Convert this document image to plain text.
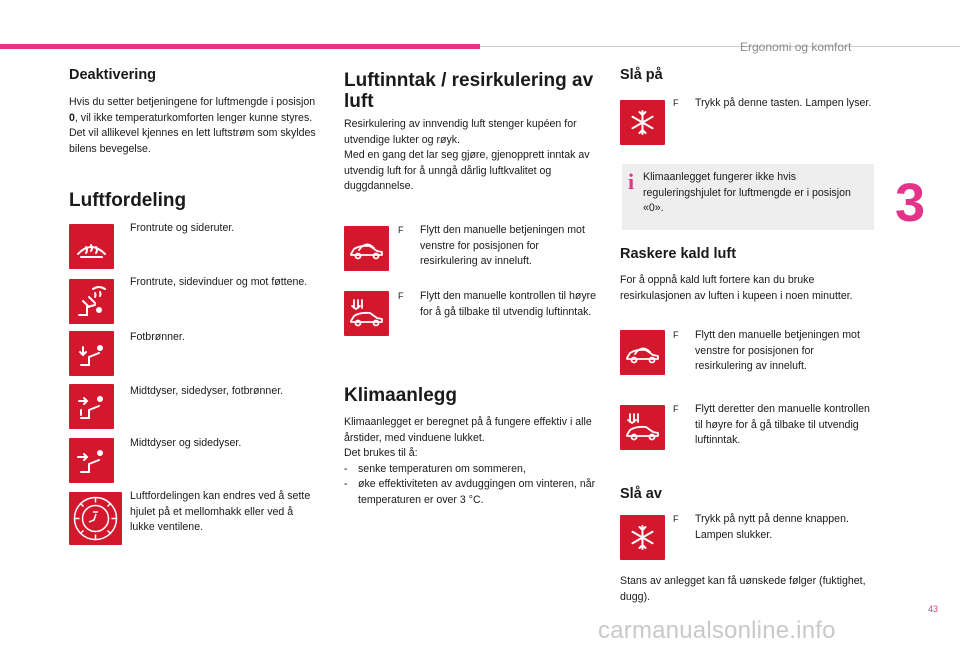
Ergonomi og komfort
3
Deaktivering

Hvis du setter betjeningene for luftmengde i posisjon 0, vil ikke temperaturkomforten lenger kunne styres.
Det vil allikevel kjennes en lett luftstrøm som skyldes bilens bevegelse.

Luftfordeling
Frontrute og sideruter.
Frontrute, sidevinduer og mot føttene.
Fotbrønner.
Midtdyser, sidedyser, fotbrønner.
Midtdyser og sidedyser.
Luftfordelingen kan endres ved å sette hjulet på et mellomhakk eller ved å lukke ventilene.
Luftinntak / resirkulering av
luft

Resirkulering av innvendig luft stenger kupéen for utvendige lukter og røyk.
Med en gang det lar seg gjøre, gjenopprett inntak av utvendig luft for å unngå dårlig luftkvalitet og duggdannelse.

F Flytt den manuelle betjeningen mot venstre for posisjonen for resirkulering av inneluft.
F Flytt den manuelle kontrollen til høyre for å gå tilbake til utvendig luftinntak.
Klimaanlegg
Klimaanlegget er beregnet på å fungere effektiv i alle årstider, med vinduene lukket.
Det brukes til å:
- senke temperaturen om sommeren,
- øke effektiviteten av avduggingen om vinteren, når temperaturen er over 3 °C.
Slå på
F Trykk på denne tasten. Lampen lyser.
i Klimaanlegget fungerer ikke hvis reguleringshjulet for luftmengde er i posisjon «0».
Raskere kald luft

For å oppnå kald luft fortere kan du bruke resirkulasjonen av luften i kupeen i noen minutter.

F Flytt den manuelle betjeningen mot venstre for posisjonen for resirkulering av inneluft.
F Flytt deretter den manuelle kontrollen til høyre for å gå tilbake til utvendig luftinntak.
Slå av
F Trykk på nytt på denne knappen. Lampen slukker.

Stans av anlegget kan få uønskede følger (fuktighet, dugg).

43
carmanualsonline.info
